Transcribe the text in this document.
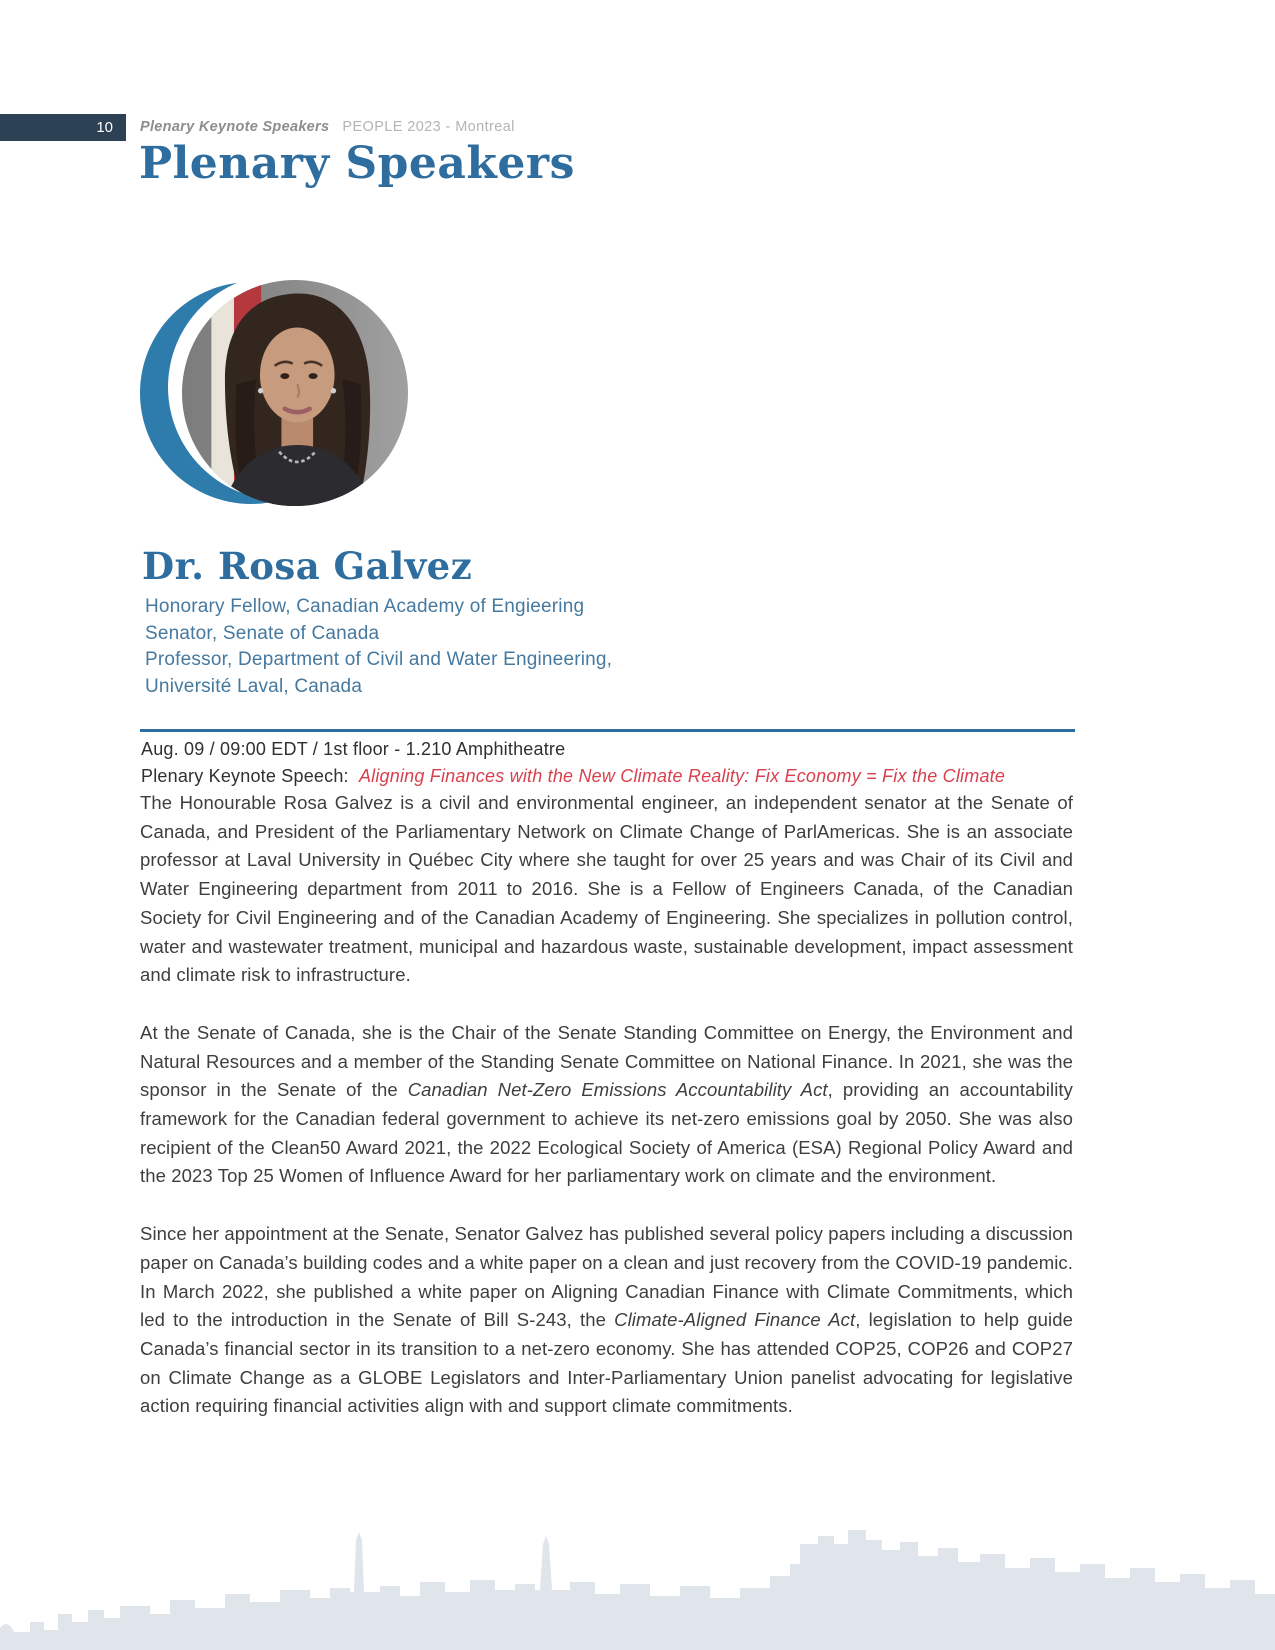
10	Plenary Keynote Speakers PEOPLE 2023 - Montreal
Plenary Speakers
Dr. Rosa Galvez
Honorary Fellow, Canadian Academy of Engieering
Senator, Senate of Canada
Professor, Department of Civil and Water Engineering,
Université Laval, Canada
Aug. 09 / 09:00 EDT / 1st floor - 1.210 Amphitheatre
Plenary Keynote Speech: Aligning Finances with the New Climate Reality: Fix Economy = Fix the Climate

The Honourable Rosa Galvez is a civil and environmental engineer, an independent senator at the Senate of Canada, and President of the Parliamentary Network on Climate Change of ParlAmericas. She is an associate professor at Laval University in Québec City where she taught for over 25 years and was Chair of its Civil and Water Engineering department from 2011 to 2016. She is a Fellow of Engineers Canada, of the Canadian Society for Civil Engineering and of the Canadian Academy of Engineering. She specializes in pollution control, water and wastewater treatment, municipal and hazardous waste, sustainable development, impact assessment and climate risk to infrastructure.

At the Senate of Canada, she is the Chair of the Senate Standing Committee on Energy, the Environment and Natural Resources and a member of the Standing Senate Committee on National Finance. In 2021, she was the sponsor in the Senate of the Canadian Net-Zero Emissions Accountability Act, providing an accountability framework for the Canadian federal government to achieve its net-zero emissions goal by 2050. She was also recipient of the Clean50 Award 2021, the 2022 Ecological Society of America (ESA) Regional Policy Award and the 2023 Top 25 Women of Influence Award for her parliamentary work on climate and the environment.

Since her appointment at the Senate, Senator Galvez has published several policy papers including a discussion paper on Canada’s building codes and a white paper on a clean and just recovery from the COVID-19 pandemic. In March 2022, she published a white paper on Aligning Canadian Finance with Climate Commitments, which led to the introduction in the Senate of Bill S-243, the Climate-Aligned Finance Act, legislation to help guide Canada’s financial sector in its transition to a net-zero economy. She has attended COP25, COP26 and COP27 on Climate Change as a GLOBE Legislators and Inter-Parliamentary Union panelist advocating for legislative action requiring financial activities align with and support climate commitments.
